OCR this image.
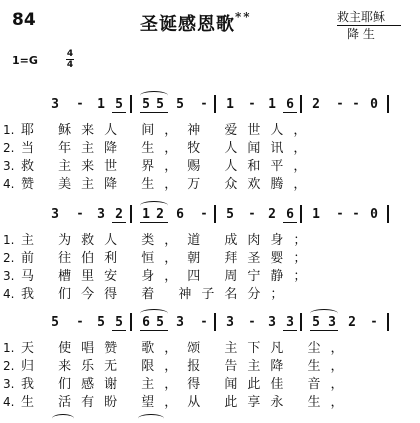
84	圣诞感恩歌**	救主耶稣
降 生
1=G	4
4
3 - 1 5 5 5 5 - 1 - 1 6 2 - - 0
1. 耶 稣来人 间，神 爱世人，
2. 当 年主降 生，牧 人闻讯，
3. 救 主来世 界，赐 人和平，
4. 赞 美主降 生，万 众欢腾，
3 - 3 2 1 2 6 - 5 - 2 6 1 - - 0
1. 主 为救人 类，道 成肉身；
2. 前 往伯利 恒，朝 拜圣婴；
3. 马 槽里安 身，四 周宁静；
4. 我 们今得 着 神子名分；
5 - 5 5 6 5 3 - 3 - 3 3 5 3 2 -
1. 天 使唱赞 歌，颂 主下凡 尘，
2. 归 来乐无 限，报 告主降 生，
3. 我 们感谢 主，得 闻此佳 音，
4. 生 活有盼 望，从 此享永 生，
